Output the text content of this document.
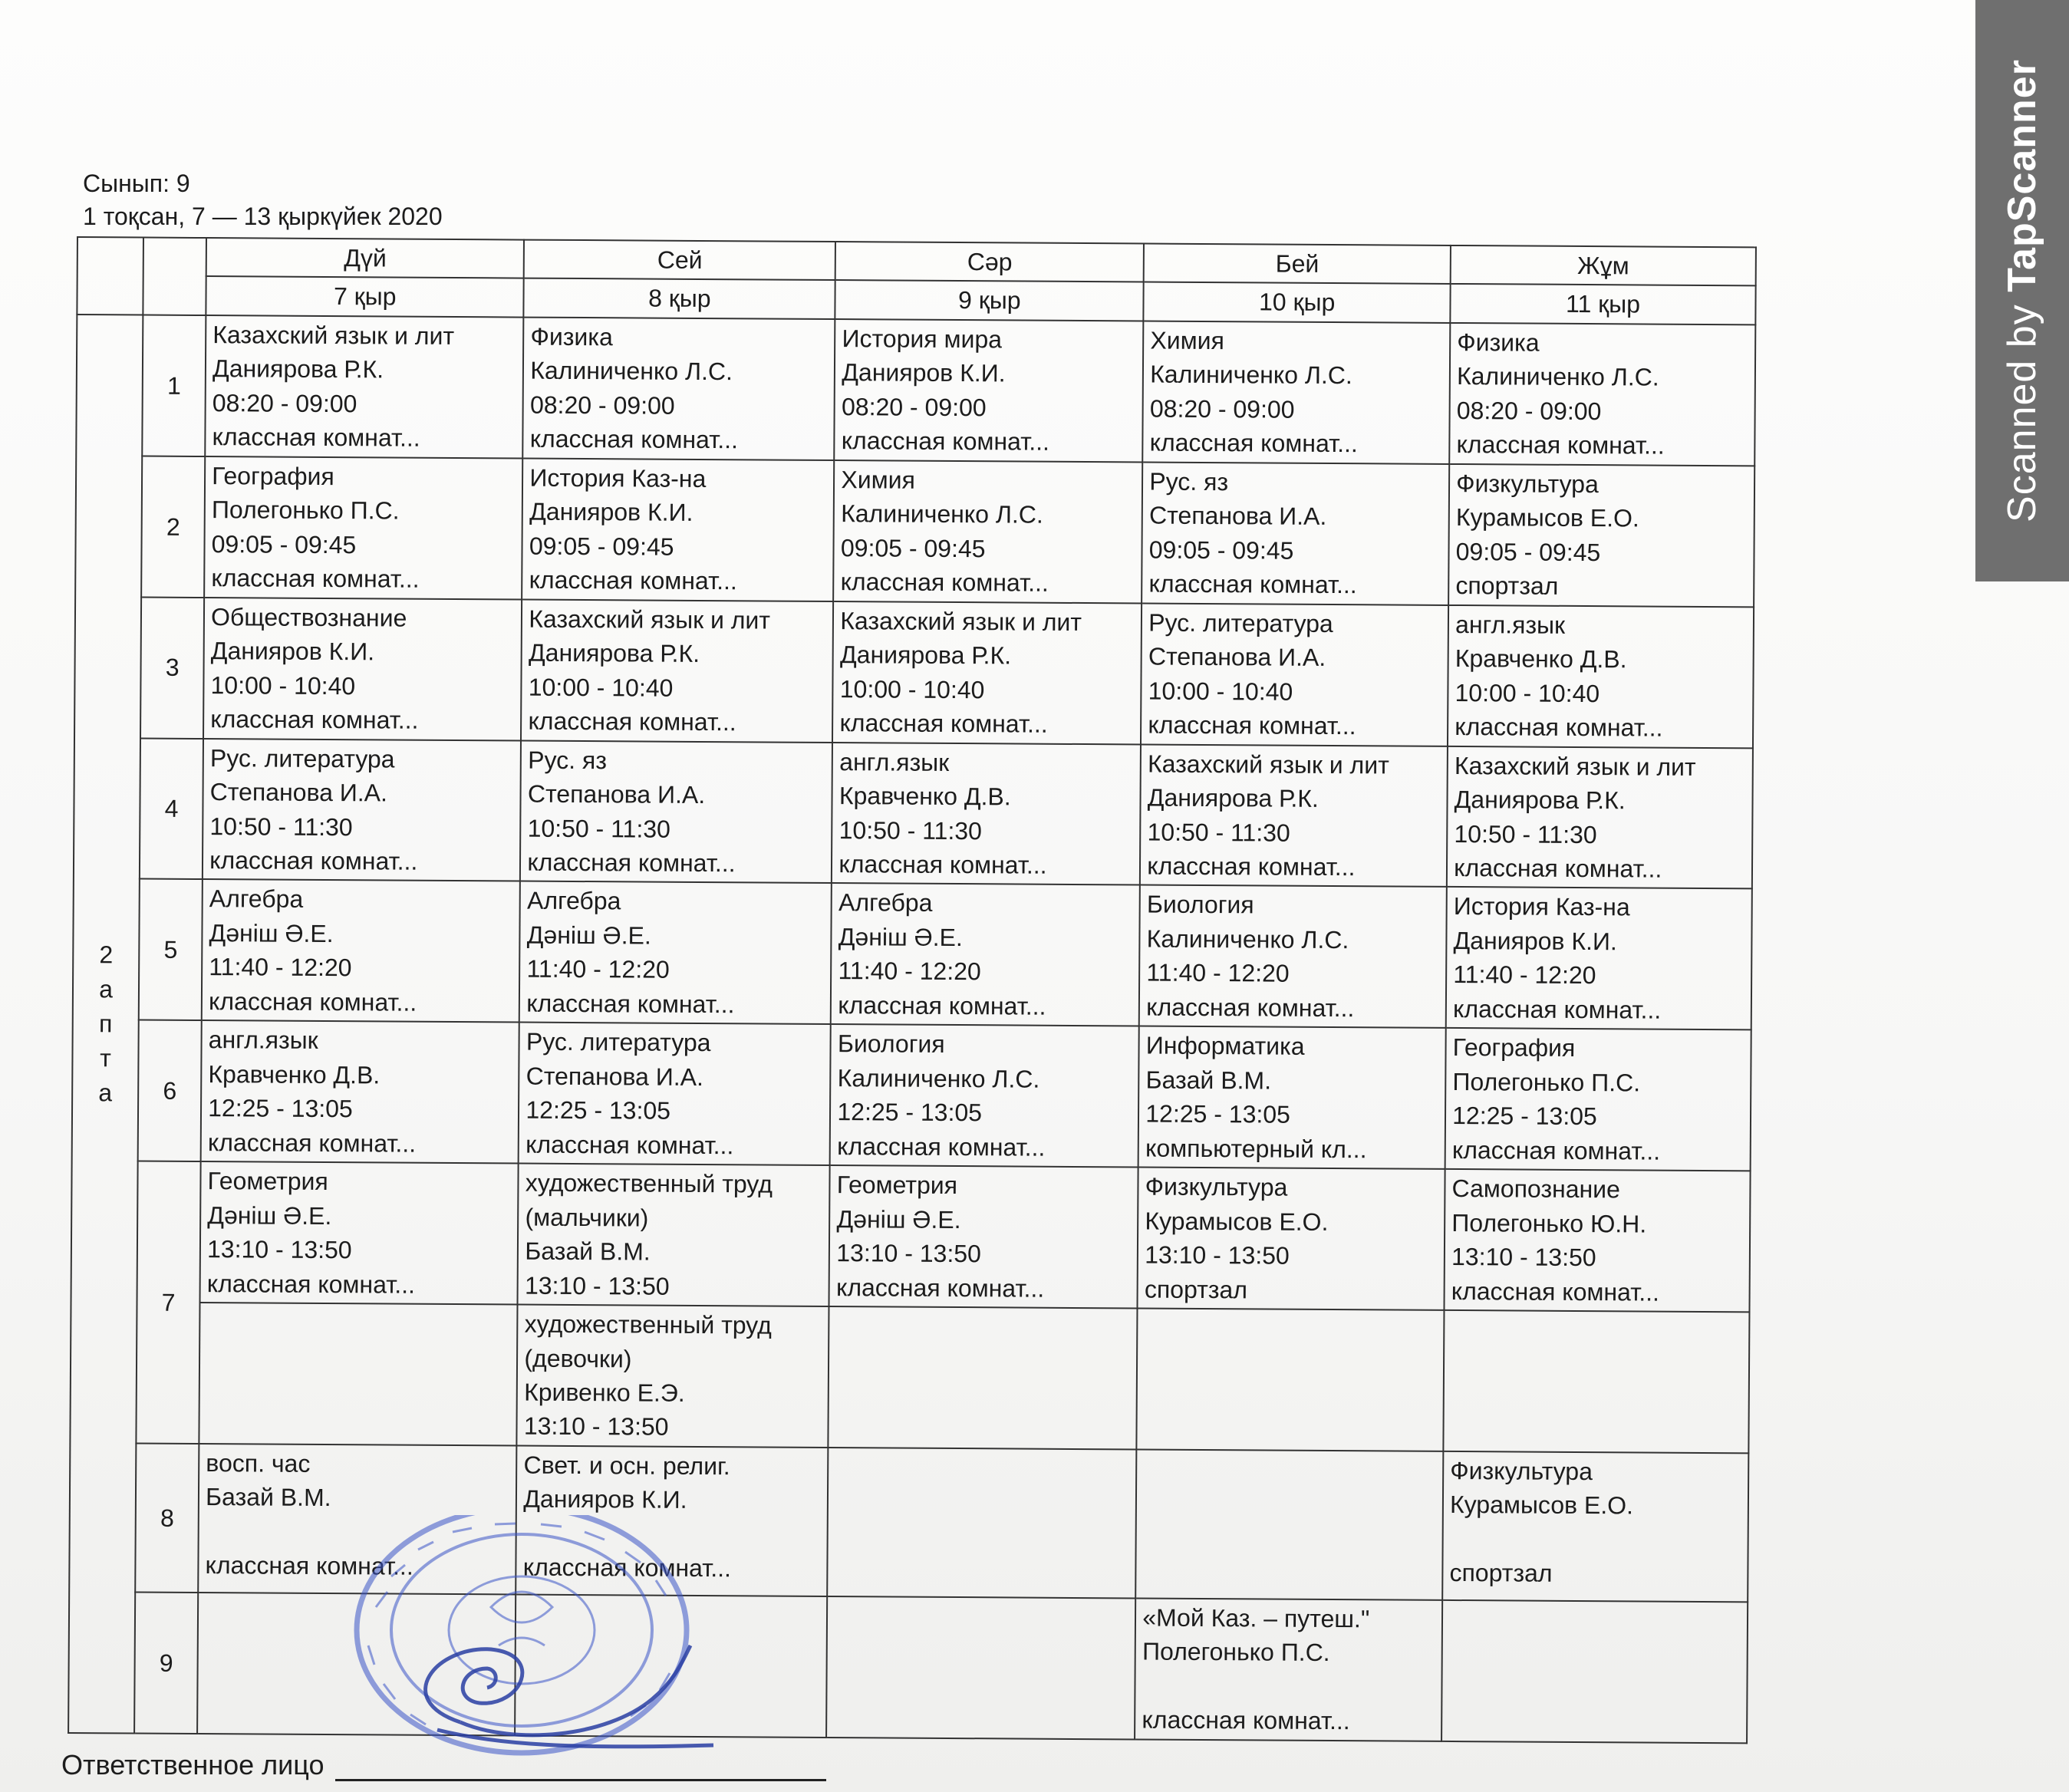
Scanned by TapScanner
Сынып: 9
1 тоқсан, 7 — 13 қыркүйек 2020
		Дүй	Сей	Сәр	Бей	Жұм
		7 қыр	8 қыр	9 қыр	10 қыр	11 қыр

2
а
п
т
а	1	Казахский язык и лит
Даниярова Р.К.
08:20 - 09:00
классная комнат...	Физика
Калиниченко Л.С.
08:20 - 09:00
классная комнат...	История мира
Данияров К.И.
08:20 - 09:00
классная комнат...	Химия
Калиниченко Л.С.
08:20 - 09:00
классная комнат...	Физика
Калиниченко Л.С.
08:20 - 09:00
классная комнат...

	2	География
Полегонько П.С.
09:05 - 09:45
классная комнат...	История Каз-на
Данияров К.И.
09:05 - 09:45
классная комнат...	Химия
Калиниченко Л.С.
09:05 - 09:45
классная комнат...	Рус. яз
Степанова И.А.
09:05 - 09:45
классная комнат...	Физкультура
Курамысов Е.О.
09:05 - 09:45
спортзал

	3	Обществознание
Данияров К.И.
10:00 - 10:40
классная комнат...	Казахский язык и лит
Даниярова Р.К.
10:00 - 10:40
классная комнат...	Казахский язык и лит
Даниярова Р.К.
10:00 - 10:40
классная комнат...	Рус. литература
Степанова И.А.
10:00 - 10:40
классная комнат...	англ.язык
Кравченко Д.В.
10:00 - 10:40
классная комнат...

	4	Рус. литература
Степанова И.А.
10:50 - 11:30
классная комнат...	Рус. яз
Степанова И.А.
10:50 - 11:30
классная комнат...	англ.язык
Кравченко Д.В.
10:50 - 11:30
классная комнат...	Казахский язык и лит
Даниярова Р.К.
10:50 - 11:30
классная комнат...	Казахский язык и лит
Даниярова Р.К.
10:50 - 11:30
классная комнат...

	5	Алгебра
Дәніш Ә.Е.
11:40 - 12:20
классная комнат...	Алгебра
Дәніш Ә.Е.
11:40 - 12:20
классная комнат...	Алгебра
Дәніш Ә.Е.
11:40 - 12:20
классная комнат...	Биология
Калиниченко Л.С.
11:40 - 12:20
классная комнат...	История Каз-на
Данияров К.И.
11:40 - 12:20
классная комнат...

	6	англ.язык
Кравченко Д.В.
12:25 - 13:05
классная комнат...	Рус. литература
Степанова И.А.
12:25 - 13:05
классная комнат...	Биология
Калиниченко Л.С.
12:25 - 13:05
классная комнат...	Информатика
Базай В.М.
12:25 - 13:05
компьютерный кл...	География
Полегонько П.С.
12:25 - 13:05
классная комнат...

	7	Геометрия
Дәніш Ә.Е.
13:10 - 13:50
классная комнат...	художественный труд
(мальчики)
Базай В.М.
13:10 - 13:50	Геометрия
Дәніш Ә.Е.
13:10 - 13:50
классная комнат...	Физкультура
Курамысов Е.О.
13:10 - 13:50
спортзал	Самопознание
Полегонько Ю.Н.
13:10 - 13:50
классная комнат...

			художественный труд
(девочки)
Кривенко Е.Э.
13:10 - 13:50			

	8	восп. час
Базай В.М.

классная комнат...	Свет. и осн. религ.
Данияров К.И.

классная комнат...			Физкультура
Курамысов Е.О.

спортзал

	9				«Мой Каз. – путеш."
Полегонько П.С.

классная комнат...	

Ответственное лицо
